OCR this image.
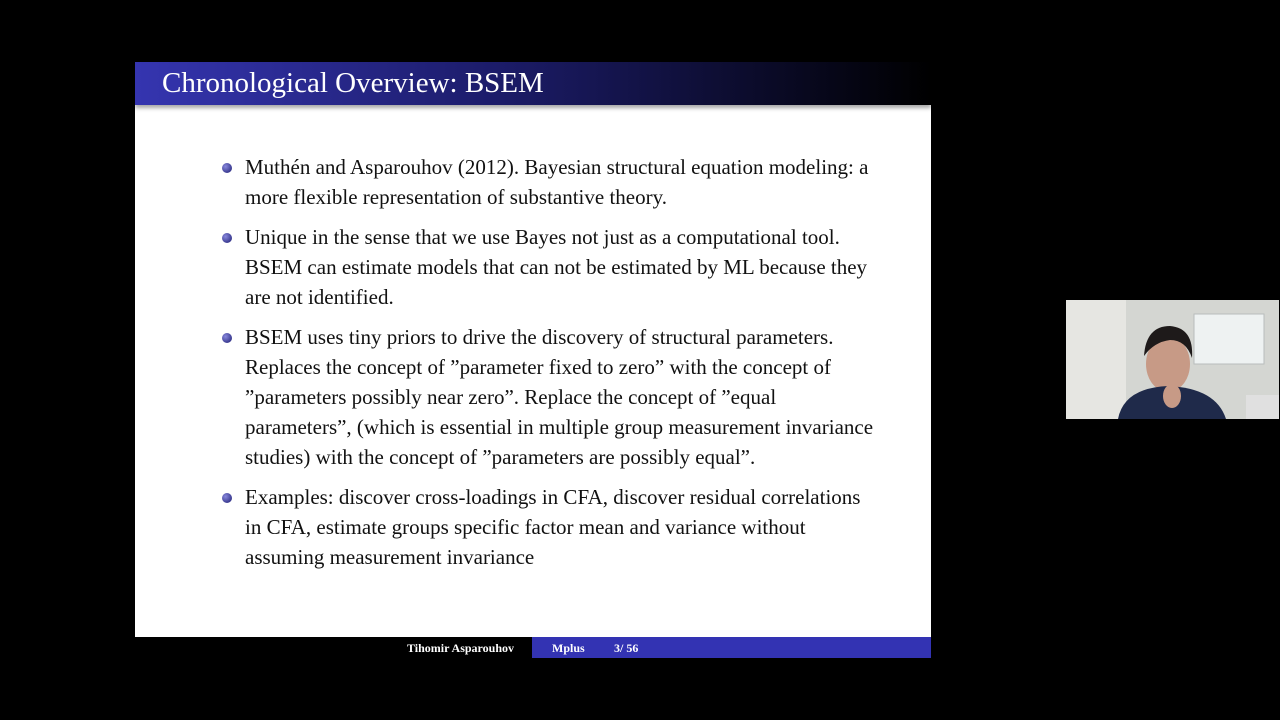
Chronological Overview: BSEM
Muthén and Asparouhov (2012). Bayesian structural equation modeling: a more flexible representation of substantive theory.
Unique in the sense that we use Bayes not just as a computational tool. BSEM can estimate models that can not be estimated by ML because they are not identified.
BSEM uses tiny priors to drive the discovery of structural parameters. Replaces the concept of ”parameter fixed to zero” with the concept of ”parameters possibly near zero”. Replace the concept of ”equal parameters”, (which is essential in multiple group measurement invariance studies) with the concept of ”parameters are possibly equal”.
Examples: discover cross-loadings in CFA, discover residual correlations in CFA, estimate groups specific factor mean and variance without assuming measurement invariance
Tihomir Asparouhov	Mplus 3/ 56
